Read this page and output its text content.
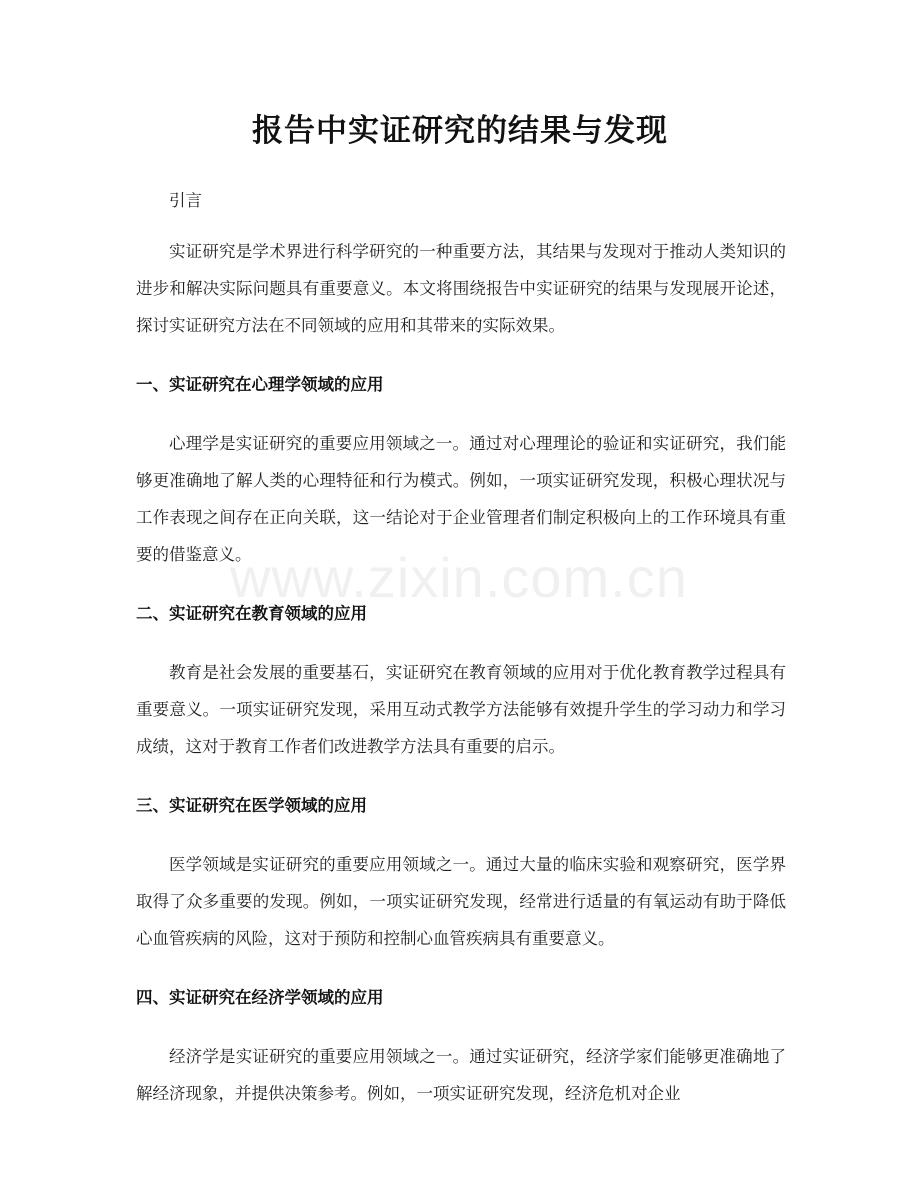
www.zixin.com.cn
报告中实证研究的结果与发现

引言

实证研究是学术界进行科学研究的一种重要方法，其结果与发现对于推动人类知识的进步和解决实际问题具有重要意义。本文将围绕报告中实证研究的结果与发现展开论述，探讨实证研究方法在不同领域的应用和其带来的实际效果。

一、实证研究在心理学领域的应用

心理学是实证研究的重要应用领域之一。通过对心理理论的验证和实证研究，我们能够更准确地了解人类的心理特征和行为模式。例如，一项实证研究发现，积极心理状况与工作表现之间存在正向关联，这一结论对于企业管理者们制定积极向上的工作环境具有重要的借鉴意义。

二、实证研究在教育领域的应用

教育是社会发展的重要基石，实证研究在教育领域的应用对于优化教育教学过程具有重要意义。一项实证研究发现，采用互动式教学方法能够有效提升学生的学习动力和学习成绩，这对于教育工作者们改进教学方法具有重要的启示。

三、实证研究在医学领域的应用

医学领域是实证研究的重要应用领域之一。通过大量的临床实验和观察研究，医学界取得了众多重要的发现。例如，一项实证研究发现，经常进行适量的有氧运动有助于降低心血管疾病的风险，这对于预防和控制心血管疾病具有重要意义。

四、实证研究在经济学领域的应用

经济学是实证研究的重要应用领域之一。通过实证研究，经济学家们能够更准确地了解经济现象，并提供决策参考。例如，一项实证研究发现，经济危机对企业
